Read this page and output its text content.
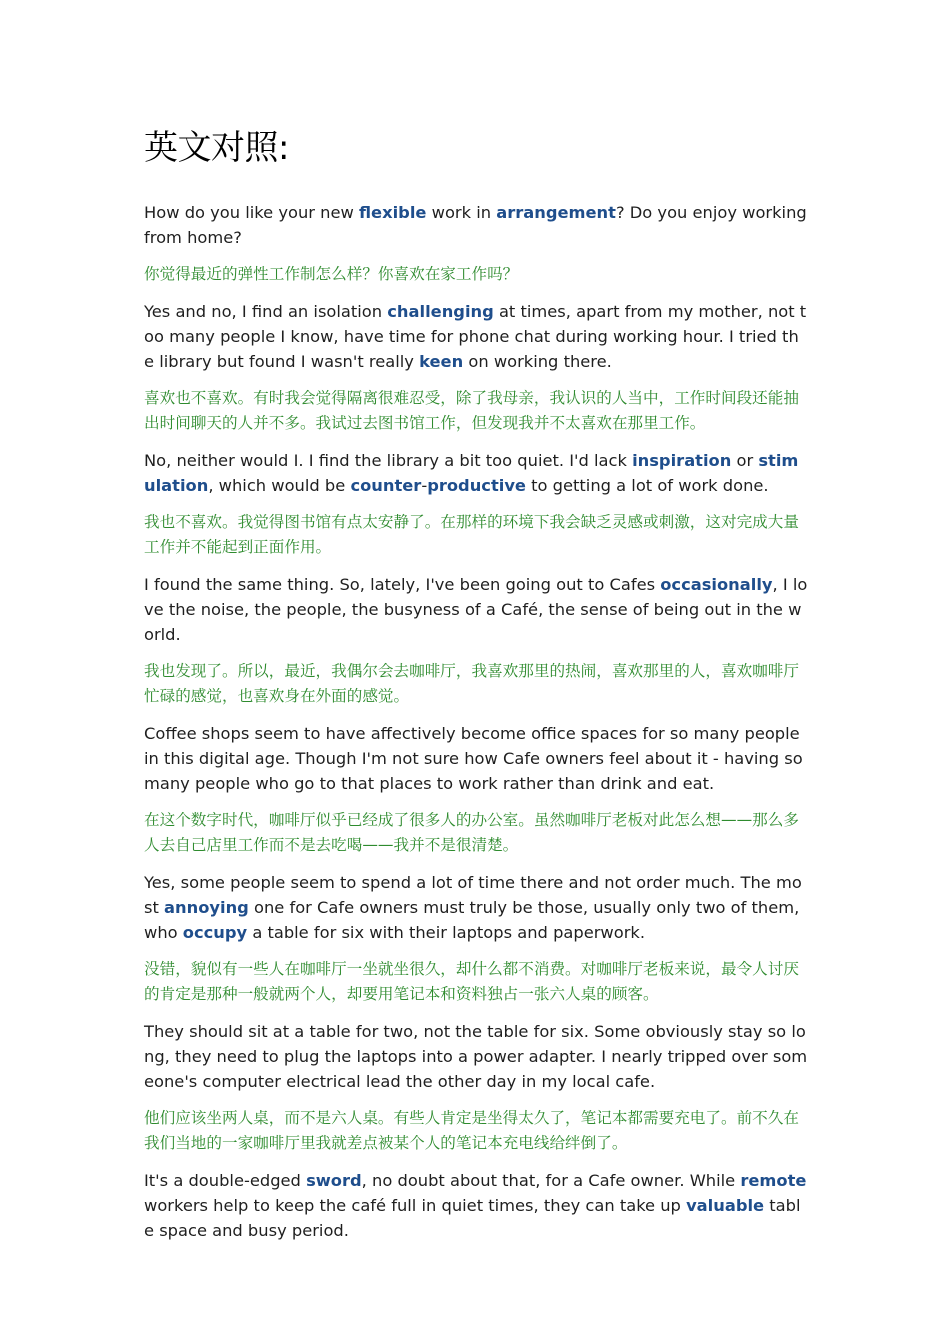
英文对照:

How do you like your new flexible work in arrangement? Do you enjoy working from home?

你觉得最近的弹性工作制怎么样？你喜欢在家工作吗？

Yes and no, I find an isolation challenging at times, apart from my mother, not too many people I know, have time for phone chat during working hour. I tried the library but found I wasn't really keen on working there.

喜欢也不喜欢。有时我会觉得隔离很难忍受，除了我母亲，我认识的人当中，工作时间段还能抽出时间聊天的人并不多。我试过去图书馆工作，但发现我并不太喜欢在那里工作。

No, neither would I. I find the library a bit too quiet. I'd lack inspiration or stimulation, which would be counter-productive to getting a lot of work done.

我也不喜欢。我觉得图书馆有点太安静了。在那样的环境下我会缺乏灵感或刺激，这对完成大量工作并不能起到正面作用。

I found the same thing. So, lately, I've been going out to Cafes occasionally, I love the noise, the people, the busyness of a Café, the sense of being out in the world.

我也发现了。所以，最近，我偶尔会去咖啡厅，我喜欢那里的热闹，喜欢那里的人，喜欢咖啡厅忙碌的感觉，也喜欢身在外面的感觉。

Coffee shops seem to have affectively become office spaces for so many people in this digital age. Though I'm not sure how Cafe owners feel about it - having so many people who go to that places to work rather than drink and eat.

在这个数字时代，咖啡厅似乎已经成了很多人的办公室。虽然咖啡厅老板对此怎么想——那么多人去自己店里工作而不是去吃喝——我并不是很清楚。

Yes, some people seem to spend a lot of time there and not order much. The most annoying one for Cafe owners must truly be those, usually only two of them, who occupy a table for six with their laptops and paperwork.

没错，貌似有一些人在咖啡厅一坐就坐很久，却什么都不消费。对咖啡厅老板来说，最令人讨厌的肯定是那种一般就两个人，却要用笔记本和资料独占一张六人桌的顾客。

They should sit at a table for two, not the table for six. Some obviously stay so long, they need to plug the laptops into a power adapter. I nearly tripped over someone's computer electrical lead the other day in my local cafe.

他们应该坐两人桌，而不是六人桌。有些人肯定是坐得太久了，笔记本都需要充电了。前不久在我们当地的一家咖啡厅里我就差点被某个人的笔记本充电线给绊倒了。

It's a double-edged sword, no doubt about that, for a Cafe owner. While remote workers help to keep the café full in quiet times, they can take up valuable table space and busy period.
